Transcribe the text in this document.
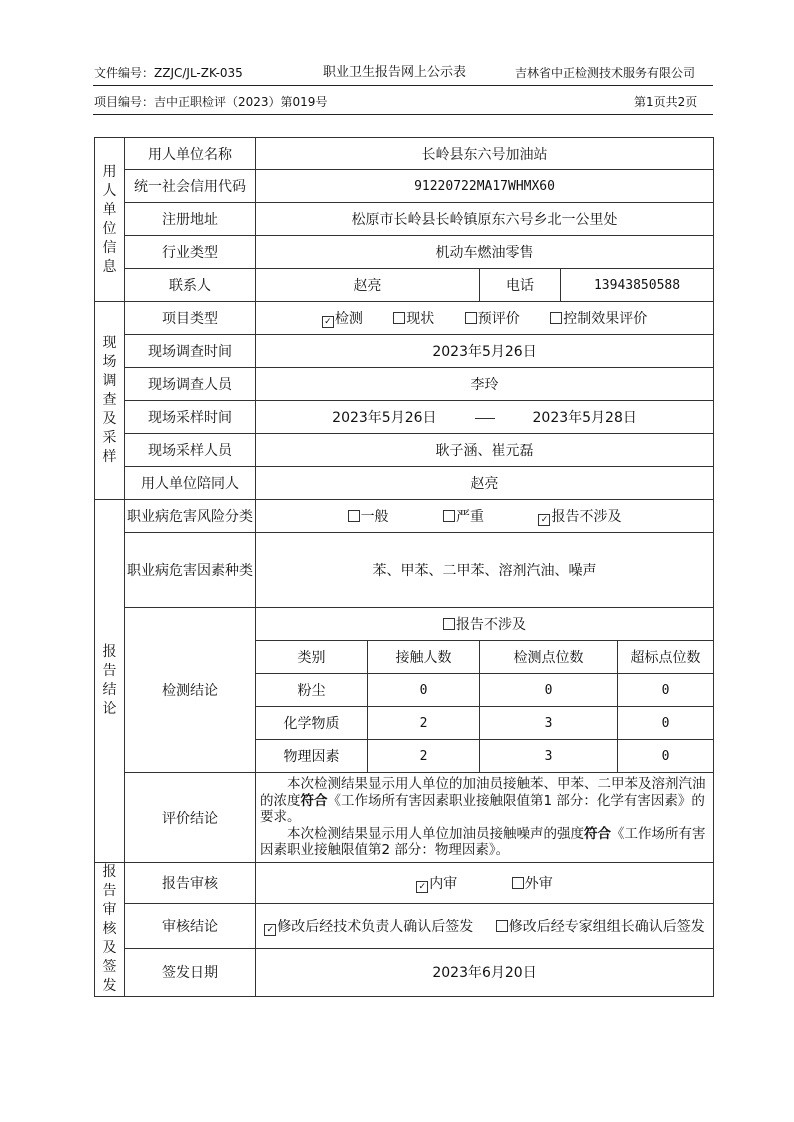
文件编号：ZZJC/JL-ZK-035	职业卫生报告网上公示表	吉林省中正检测技术服务有限公司
项目编号：吉中正职检评（2023）第019号	第1页共2页
用人单位信息	用人单位名称	长岭县东六号加油站				
	统一社会信用代码	91220722MA17WHMX60				
	注册地址	松原市长岭县长岭镇原东六号乡北一公里处				
	行业类型	机动车燃油零售				
	联系人	赵亮		电话	13943850588	
现场调查及采样	项目类型	✓ 检测 现状 预评价 控制效果评价				
	现场调查时间	2023年5月26日				
	现场调查人员	李玲				
	现场采样时间	2023年5月26日 2023年5月28日				
	现场采样人员	耿子涵、崔元磊				
	用人单位陪同人	赵亮				
报告结论	职业病危害风险分类	一般 严重 ✓ 报告不涉及				
	职业病危害因素种类	苯、甲苯、二甲苯、溶剂汽油、噪声				
	检测结论	报告不涉及				
		类别	接触人数	检测点位数		超标点位数
		粉尘	0	0		0
		化学物质	2	3		0
		物理因素	2	3		0
	评价结论	本次检测结果显示用人单位的加油员接触苯、甲苯、二甲苯及溶剂汽油的浓度符合《工作场所有害因素职业接触限值第1 部分：化学有害因素》的要求。

本次检测结果显示用人单位加油员接触噪声的强度符合《工作场所有害因素职业接触限值第2 部分：物理因素》。				

报告审核及签发	报告审核	✓ 内审 外审				
	审核结论	✓ 修改后经技术负责人确认后签发 修改后经专家组组长确认后签发				
	签发日期	2023年6月20日				
